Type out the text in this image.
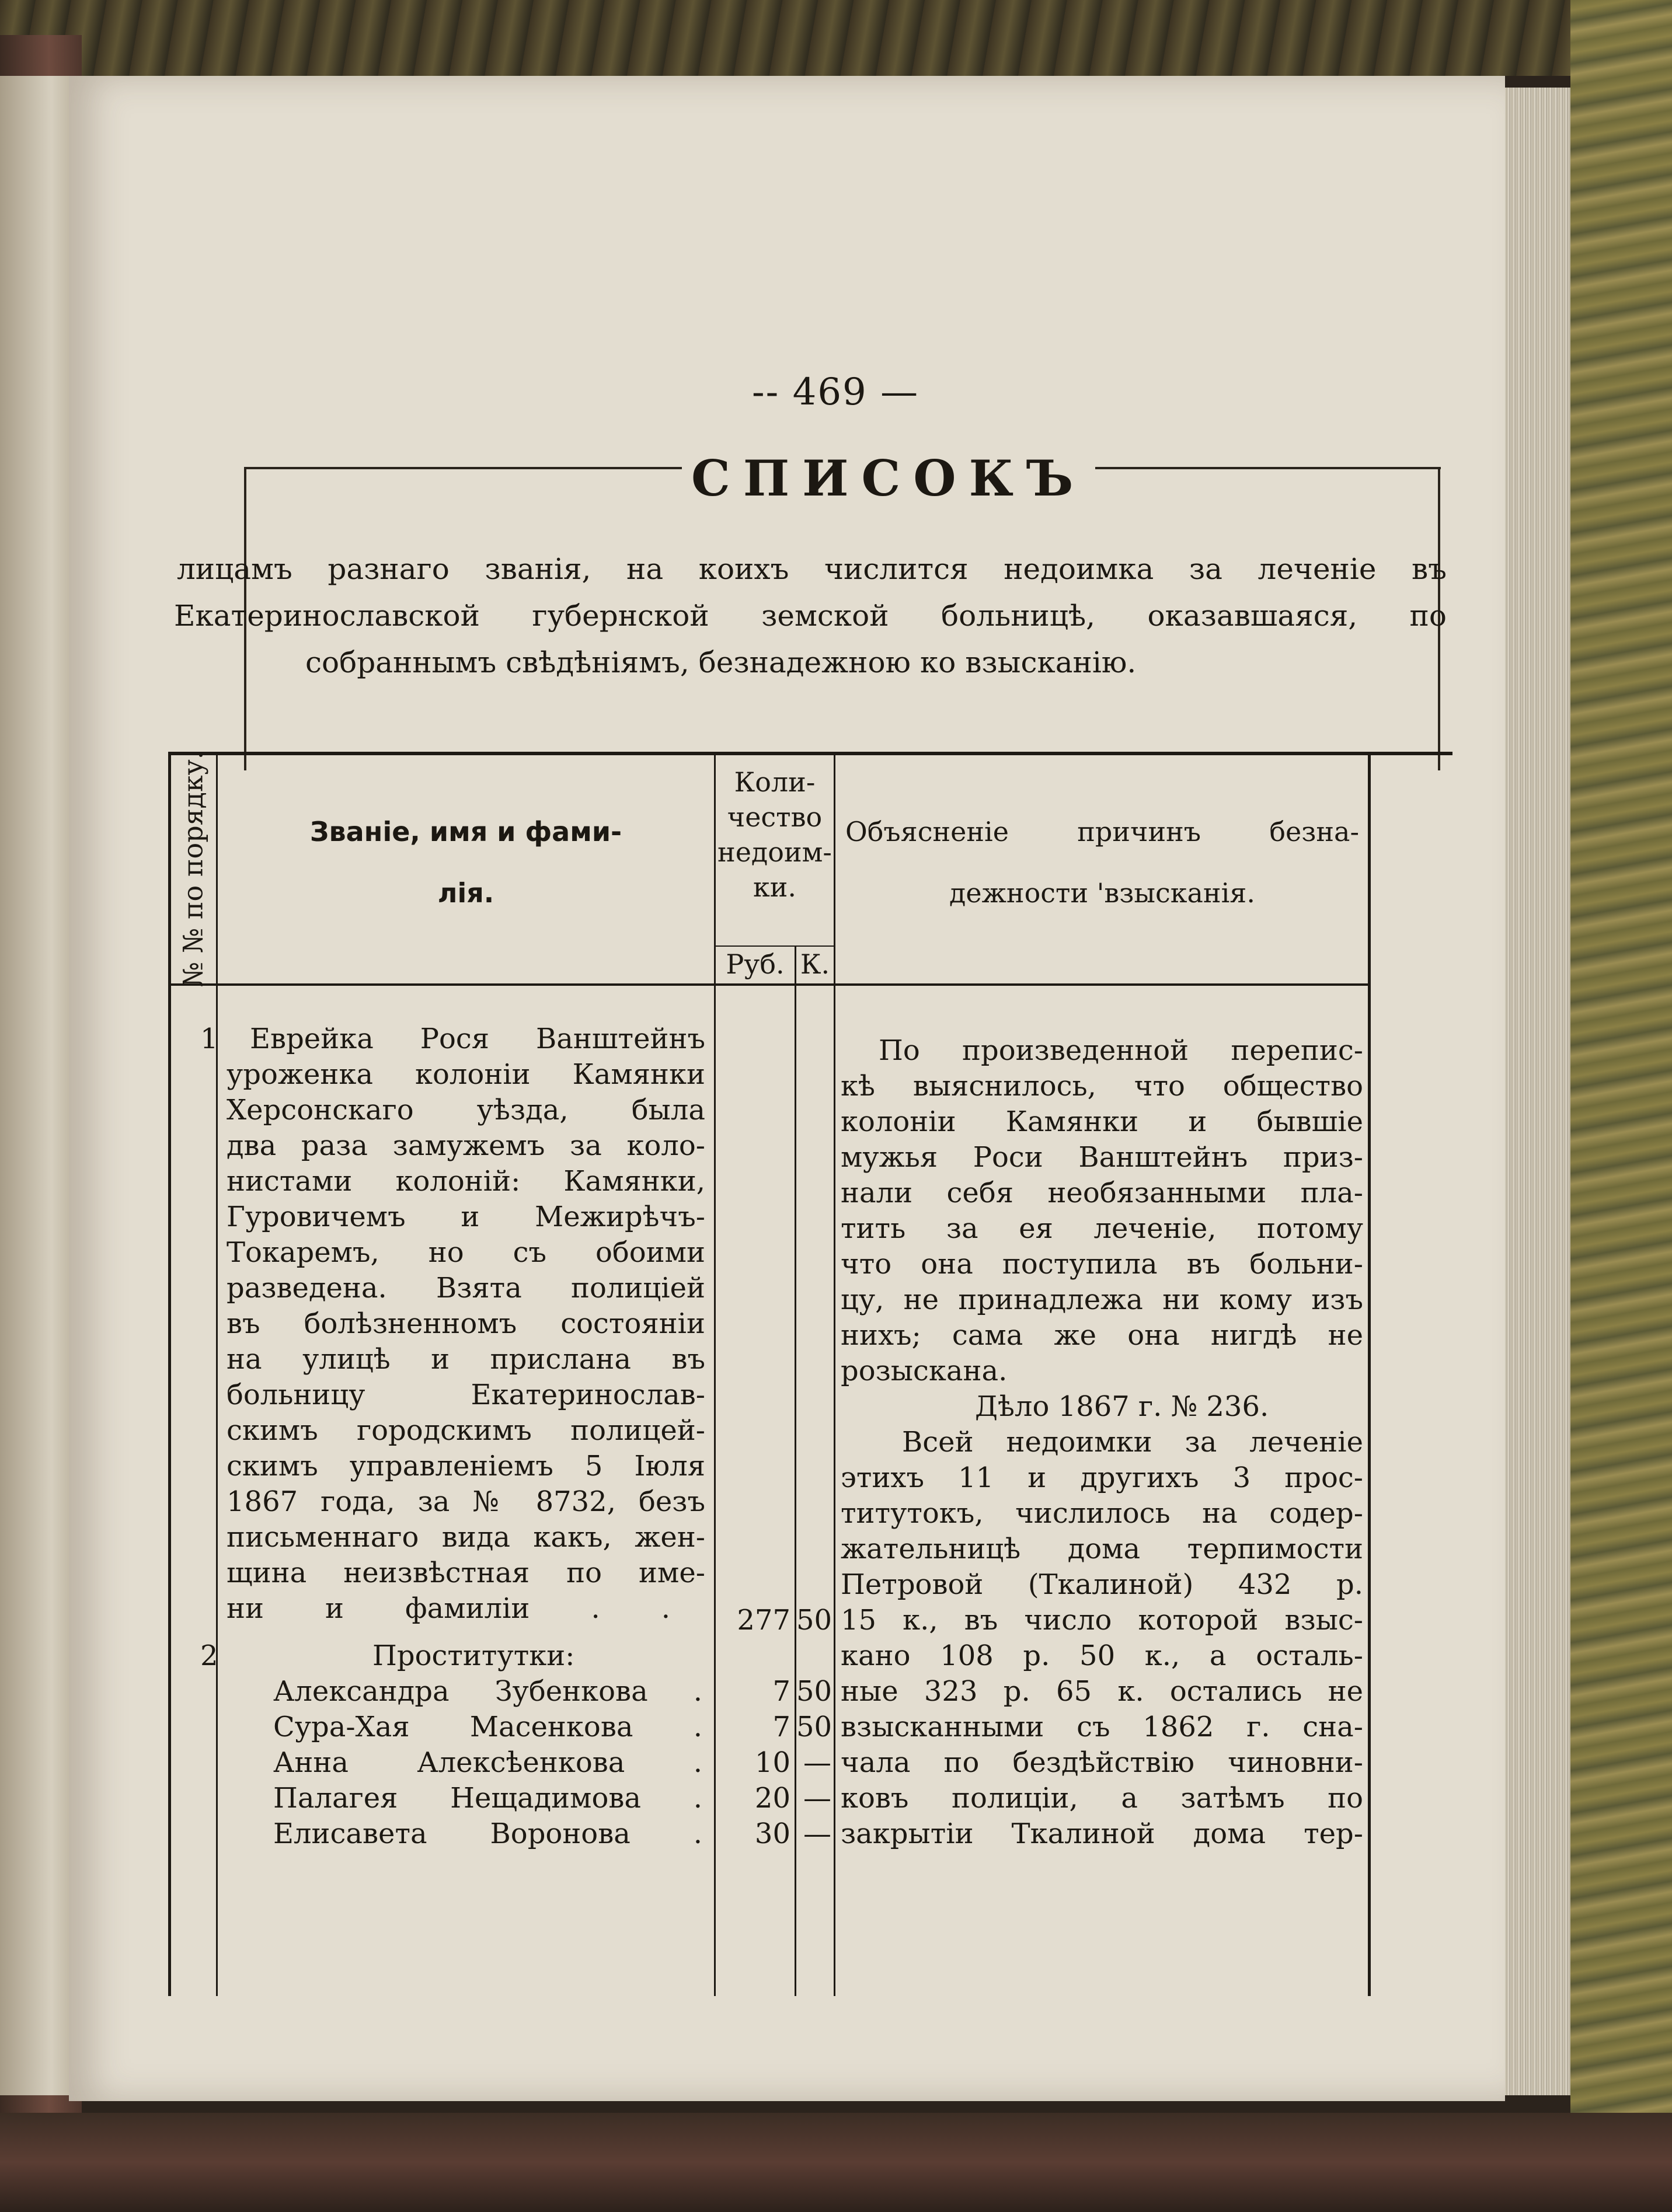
-- 469 —
СПИСОКЪ
лицамъ разнаго званія, на коихъ числится недоимка за леченіе въ
Екатеринославской губернской земской больницѣ, оказавшаяся, по
собраннымъ свѣдѣніямъ, безнадежною ко взысканію.
№ № по порядку.	Званіе, имя и фами-
лія.
Коли-
чество
недоим-
ки.
Руб. К.
Объясненіе причинъ безна-
дежности 'взысканія.
1
2
Еврейка Рося Ванштейнъ
уроженка колоніи Камянки
Херсонскаго уѣзда, была
два раза замужемъ за коло-
нистами колоній: Камянки,
Гуровичемъ и Межирѣчъ-
Токаремъ, но съ обоими
разведена. Взята полиціей
въ болѣзненномъ состояніи
на улицѣ и прислана въ
больницу Екатеринослав-
скимъ городскимъ полицей-
скимъ управленіемъ 5 Іюля
1867 года, за № 8732, безъ
письменнаго вида какъ, жен-
щина неизвѣстная по име-
ни и фамиліи . .	277 50
Проститутки:
Александра Зубенкова .
Сура-Хая Масенкова .
Анна Алексѣенкова .
Палагея Нещадимова .
Елисавета Воронова .
7 50
7 50
10 —
20 —
30 —
По произведенной перепис-
кѣ выяснилось, что общество
колоніи Камянки и бывшіе
мужья Роси Ванштейнъ приз-
нали себя необязанными пла-
тить за ея леченіе, потому
что она поступила въ больни-
цу, не принадлежа ни кому изъ
нихъ; сама же она нигдѣ не
розыскана.
Дѣло 1867 г. № 236.
Всей недоимки за леченіе
этихъ 11 и другихъ 3 прос-
титутокъ, числилось на содер-
жательницѣ дома терпимости
Петровой (Ткалиной) 432 р.
15 к., въ число которой взыс-
кано 108 р. 50 к., а осталь-
ные 323 р. 65 к. остались не
взысканными съ 1862 г. сна-
чала по бездѣйствію чиновни-
ковъ полиціи, а затѣмъ по
закрытіи Ткалиной дома тер-
